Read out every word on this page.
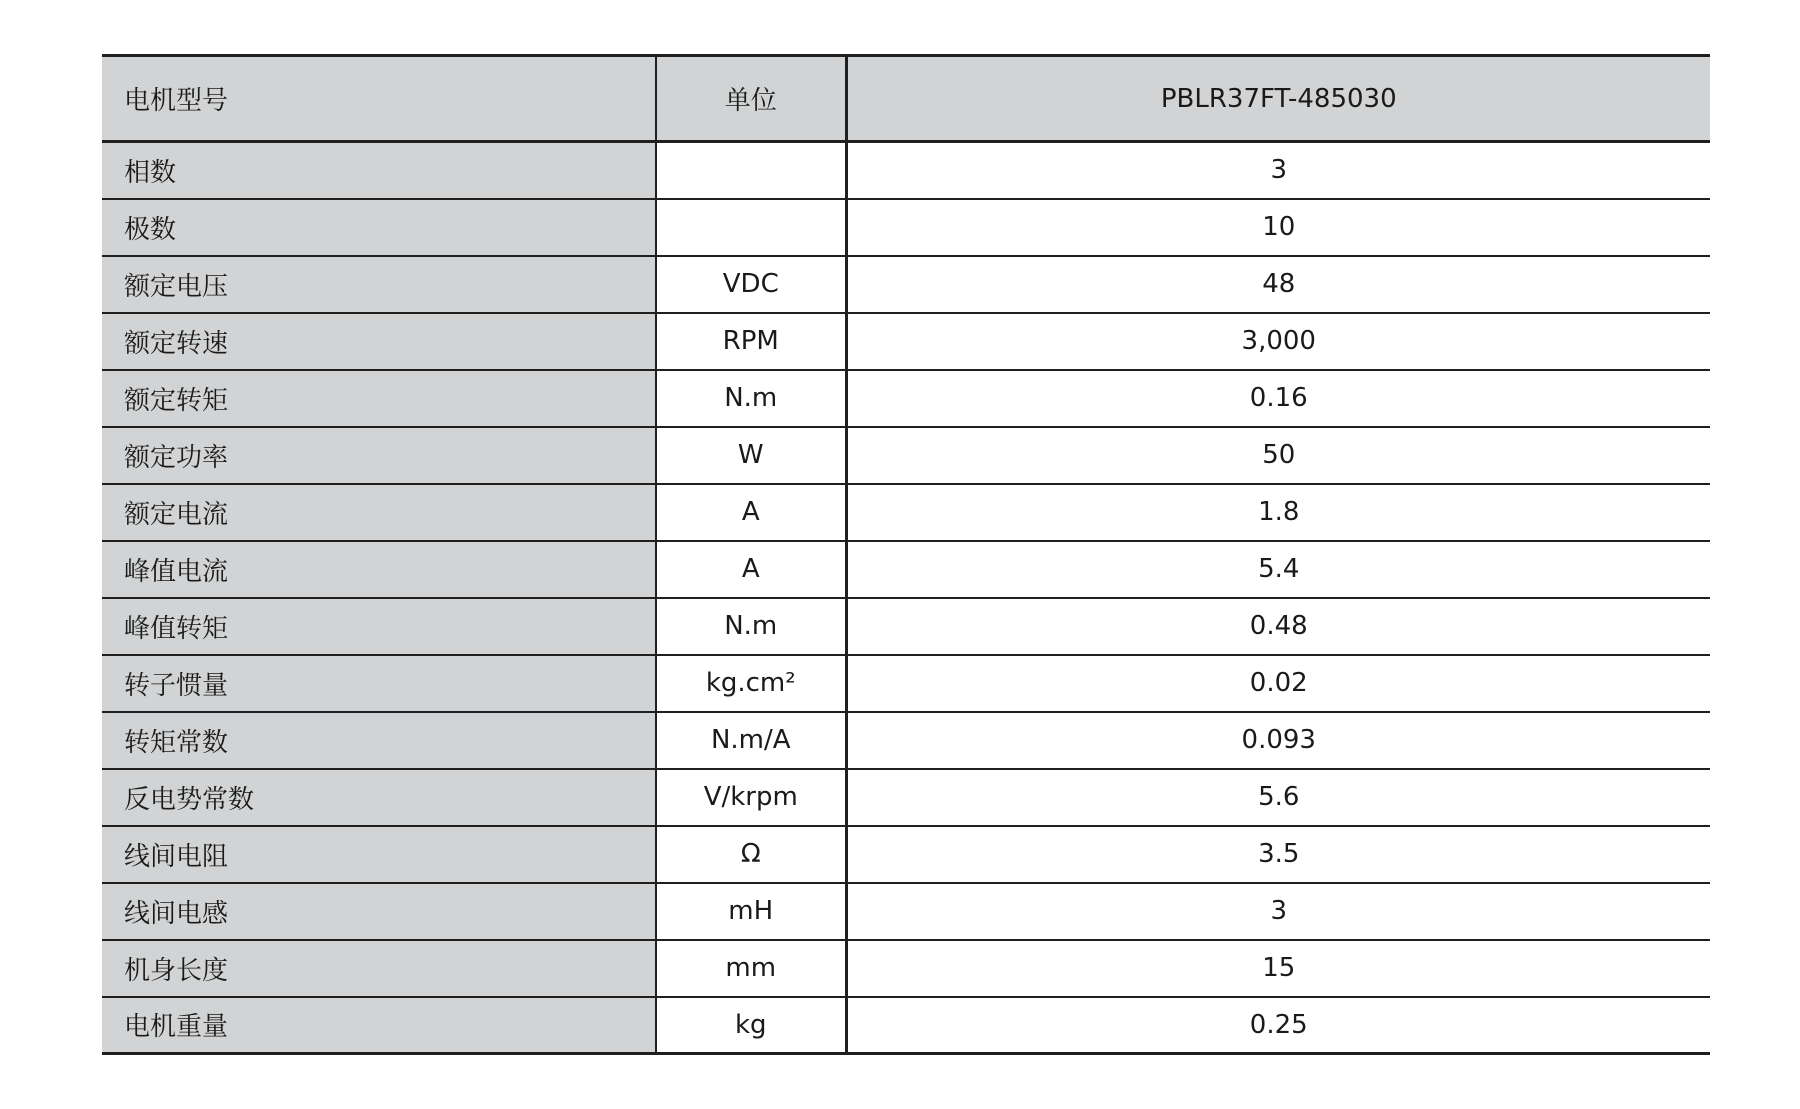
电机型号	单位	PBLR37FT-485030
相数		3
极数		10
额定电压	VDC	48
额定转速	RPM	3,000
额定转矩	N.m	0.16
额定功率	W	50
额定电流	A	1.8
峰值电流	A	5.4
峰值转矩	N.m	0.48
转子惯量	kg.cm²	0.02
转矩常数	N.m/A	0.093
反电势常数	V/krpm	5.6
线间电阻	Ω	3.5
线间电感	mH	3
机身长度	mm	15
电机重量	kg	0.25
